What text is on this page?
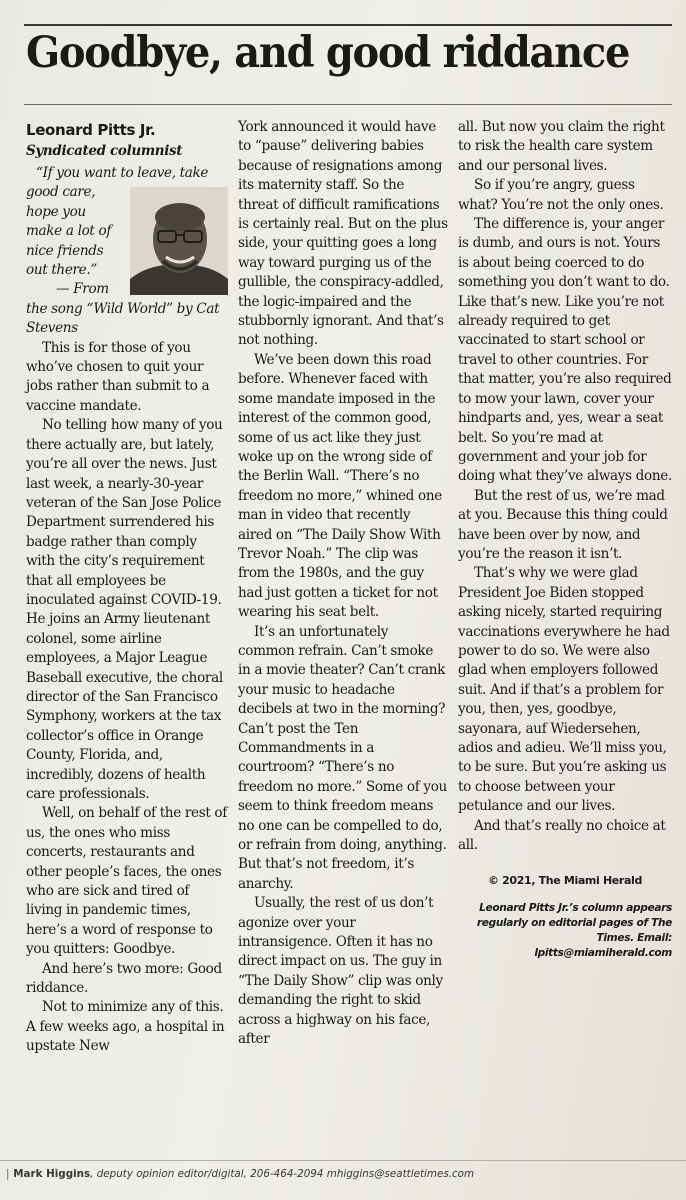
Goodbye, and good riddance
Leonard Pitts Jr.
Syndicated columnist

“If you want to leave, take

good care,

hope you make a lot of nice friends out there.”

— From

the song “Wild World” by Cat Stevens

This is for those of you who’ve chosen to quit your jobs rather than submit to a vaccine mandate.

No telling how many of you there actually are, but lately, you’re all over the news. Just last week, a nearly-30-year veteran of the San Jose Police Department surrendered his badge rather than comply with the city’s requirement that all employees be inoculated against COVID-19. He joins an Army lieutenant colonel, some airline employees, a Major League Baseball executive, the choral director of the San Francisco Symphony, workers at the tax collector’s office in Orange County, Florida, and, incredibly, dozens of health care professionals.

Well, on behalf of the rest of us, the ones who miss concerts, restaurants and other people’s faces, the ones who are sick and tired of living in pandemic times, here’s a word of response to you quitters: Goodbye.

And here’s two more: Good riddance.

Not to minimize any of this. A few weeks ago, a hospital in upstate New

York announced it would have to “pause” delivering babies because of resignations among its maternity staff. So the threat of difficult ramifications is certainly real. But on the plus side, your quitting goes a long way toward purging us of the gullible, the conspiracy-addled, the logic-impaired and the stubbornly ignorant. And that’s not nothing.

We’ve been down this road before. Whenever faced with some mandate imposed in the interest of the common good, some of us act like they just woke up on the wrong side of the Berlin Wall. “There’s no freedom no more,” whined one man in video that recently aired on “The Daily Show With Trevor Noah.” The clip was from the 1980s, and the guy had just gotten a ticket for not wearing his seat belt.

It’s an unfortunately common refrain. Can’t smoke in a movie theater? Can’t crank your music to headache decibels at two in the morning? Can’t post the Ten Commandments in a courtroom? “There’s no freedom no more.” Some of you seem to think freedom means no one can be compelled to do, or refrain from doing, anything. But that’s not freedom, it’s anarchy.

Usually, the rest of us don’t agonize over your intransigence. Often it has no direct impact on us. The guy in “The Daily Show” clip was only demanding the right to skid across a highway on his face, after

all. But now you claim the right to risk the health care system and our personal lives.

So if you’re angry, guess what? You’re not the only ones.

The difference is, your anger is dumb, and ours is not. Yours is about being coerced to do something you don’t want to do. Like that’s new. Like you’re not already required to get vaccinated to start school or travel to other countries. For that matter, you’re also required to mow your lawn, cover your hindparts and, yes, wear a seat belt. So you’re mad at government and your job for doing what they’ve always done.

But the rest of us, we’re mad at you. Because this thing could have been over by now, and you’re the reason it isn’t.

That’s why we were glad President Joe Biden stopped asking nicely, started requiring vaccinations everywhere he had power to do so. We were also glad when employers followed suit. And if that’s a problem for you, then, yes, goodbye, sayonara, auf Wiedersehen, adios and adieu. We’ll miss you, to be sure. But you’re asking us to choose between your petulance and our lives.

And that’s really no choice at all.

© 2021, The Miami Herald
Leonard Pitts Jr.’s column appears regularly on editorial pages of The Times. Email: lpitts@miamiherald.com
| Mark Higgins, deputy opinion editor/digital, 206-464-2094 mhiggins@seattletimes.com
